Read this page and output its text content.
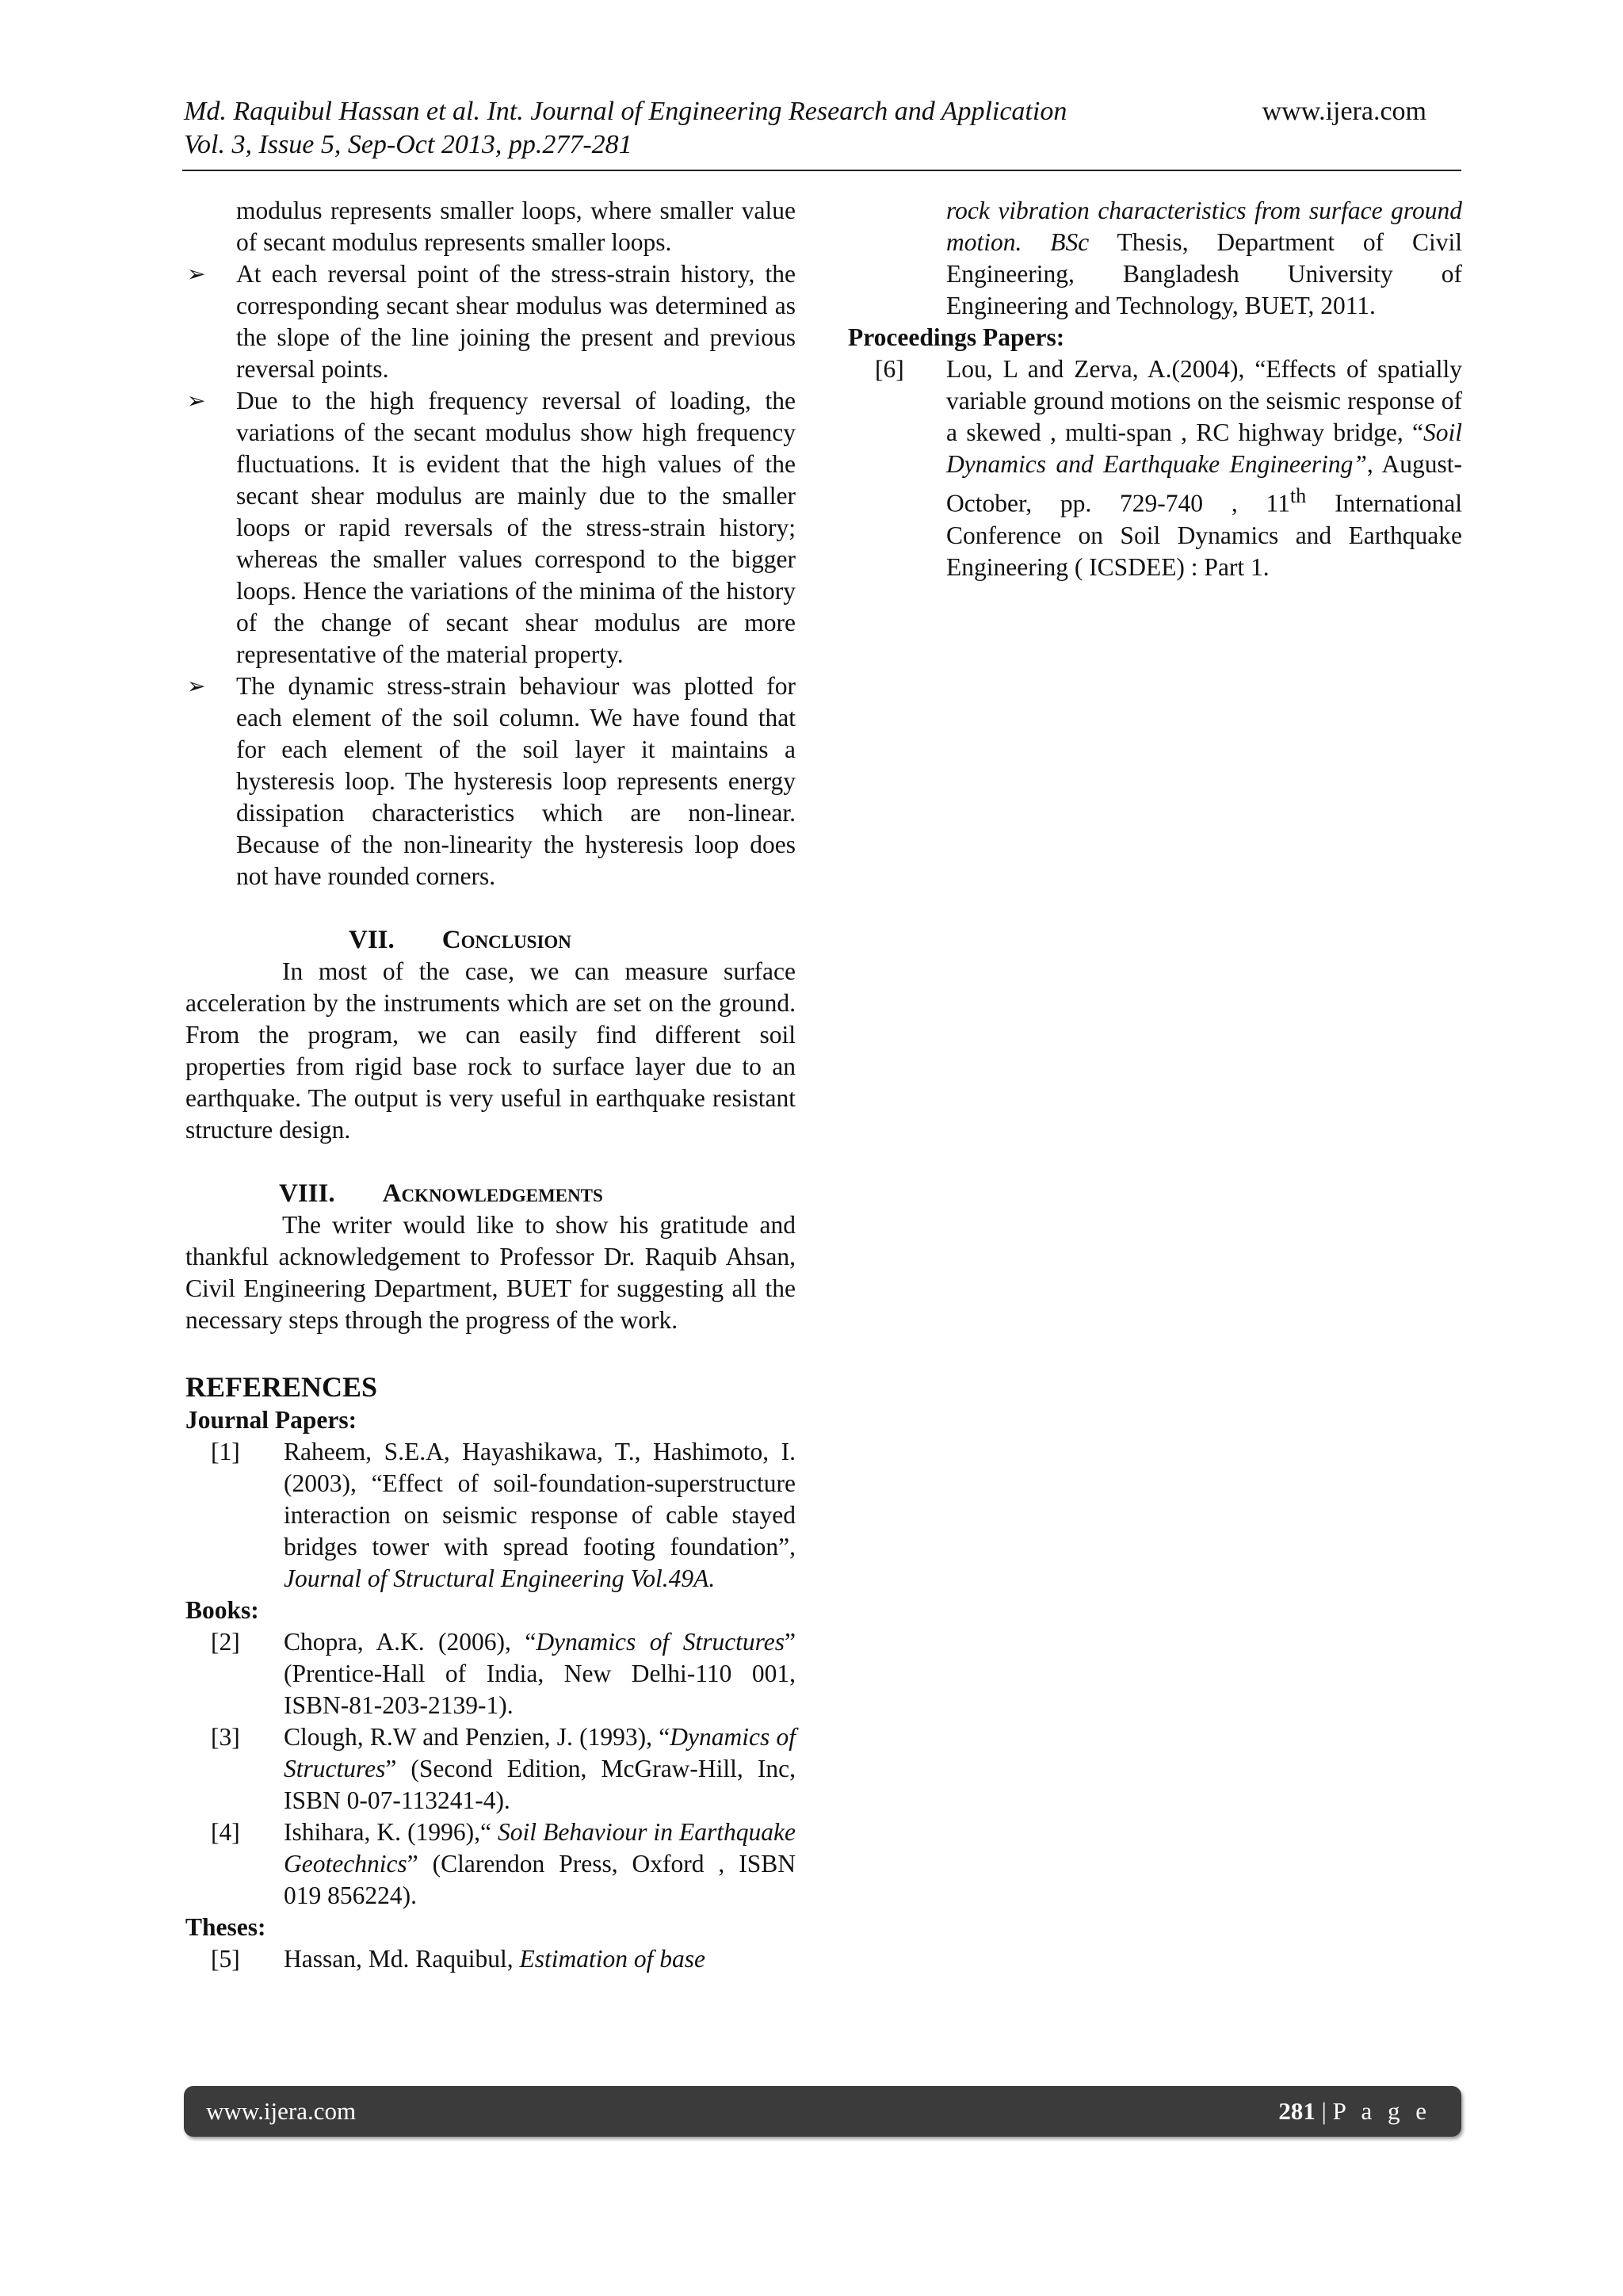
Md. Raquibul Hassan et al. Int. Journal of Engineering Research and Application	www.ijera.com
Vol. 3, Issue 5, Sep-Oct 2013, pp.277-281

modulus represents smaller loops, where smaller value of secant modulus represents smaller loops.

➢ At each reversal point of the stress-strain history, the corresponding secant shear modulus was determined as the slope of the line joining the present and previous reversal points.
➢ Due to the high frequency reversal of loading, the variations of the secant modulus show high frequency fluctuations. It is evident that the high values of the secant shear modulus are mainly due to the smaller loops or rapid reversals of the stress-strain history; whereas the smaller values correspond to the bigger loops. Hence the variations of the minima of the history of the change of secant shear modulus are more representative of the material property.
➢ The dynamic stress-strain behaviour was plotted for each element of the soil column. We have found that for each element of the soil layer it maintains a hysteresis loop. The hysteresis loop represents energy dissipation characteristics which are non-linear. Because of the non-linearity the hysteresis loop does not have rounded corners.
VII. Conclusion

In most of the case, we can measure surface acceleration by the instruments which are set on the ground. From the program, we can easily find different soil properties from rigid base rock to surface layer due to an earthquake. The output is very useful in earthquake resistant structure design.

VIII. Acknowledgements

The writer would like to show his gratitude and thankful acknowledgement to Professor Dr. Raquib Ahsan, Civil Engineering Department, BUET for suggesting all the necessary steps through the progress of the work.

REFERENCES
Journal Papers:
[1] Raheem, S.E.A, Hayashikawa, T., Hashimoto, I. (2003), “Effect of soil-foundation-superstructure interaction on seismic response of cable stayed bridges tower with spread footing foundation”, Journal of Structural Engineering Vol.49A.
Books:
[2] Chopra, A.K. (2006), “Dynamics of Structures” (Prentice-Hall of India, New Delhi-110 001, ISBN-81-203-2139-1).
[3] Clough, R.W and Penzien, J. (1993), “Dynamics of Structures” (Second Edition, McGraw-Hill, Inc, ISBN 0-07-113241-4).
[4] Ishihara, K. (1996),“ Soil Behaviour in Earthquake Geotechnics” (Clarendon Press, Oxford , ISBN 019 856224).
Theses:
[5] Hassan, Md. Raquibul, Estimation of base
rock vibration characteristics from surface ground motion. BSc Thesis, Department of Civil Engineering, Bangladesh University of Engineering and Technology, BUET, 2011.
Proceedings Papers:
[6] Lou, L and Zerva, A.(2004), “Effects of spatially variable ground motions on the seismic response of a skewed , multi-span , RC highway bridge, “Soil Dynamics and Earthquake Engineering”, August-October, pp. 729-740 , 11th International Conference on Soil Dynamics and Earthquake Engineering ( ICSDEE) : Part 1.
www.ijera.com	281 | P a g e
